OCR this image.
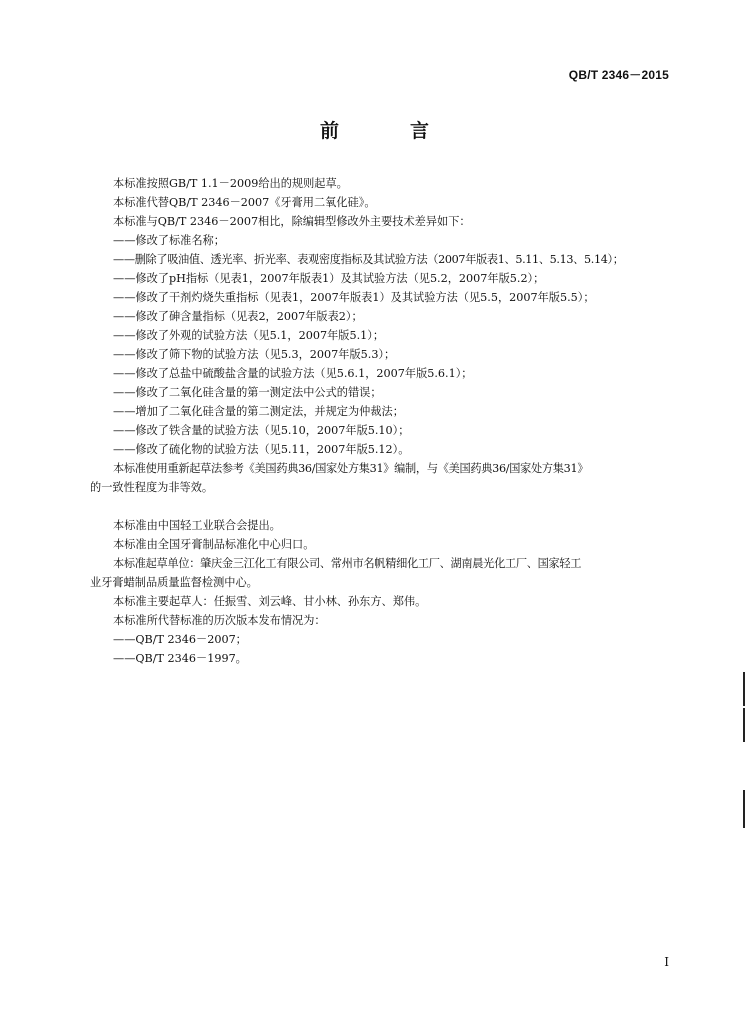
QB/T 2346－2015
前　言
本标准按照GB/T 1.1－2009给出的规则起草。
本标准代替QB/T 2346－2007《牙膏用二氧化硅》。
本标准与QB/T 2346－2007相比，除编辑型修改外主要技术差异如下：
——修改了标准名称；
——删除了吸油值、透光率、折光率、表观密度指标及其试验方法（2007年版表1、5.11、5.13、5.14）；
——修改了pH指标（见表1，2007年版表1）及其试验方法（见5.2，2007年版5.2）；
——修改了干剂灼烧失重指标（见表1，2007年版表1）及其试验方法（见5.5，2007年版5.5）；
——修改了砷含量指标（见表2，2007年版表2）；
——修改了外观的试验方法（见5.1，2007年版5.1）；
——修改了筛下物的试验方法（见5.3，2007年版5.3）；
——修改了总盐中硫酸盐含量的试验方法（见5.6.1，2007年版5.6.1）；
——修改了二氧化硅含量的第一测定法中公式的错误；
——增加了二氧化硅含量的第二测定法，并规定为仲裁法；
——修改了铁含量的试验方法（见5.10，2007年版5.10）；
——修改了硫化物的试验方法（见5.11，2007年版5.12）。
本标准使用重新起草法参考《美国药典36/国家处方集31》编制，与《美国药典36/国家处方集31》
的一致性程度为非等效。
本标准由中国轻工业联合会提出。
本标准由全国牙膏制品标准化中心归口。
本标准起草单位：肇庆金三江化工有限公司、常州市名帆精细化工厂、湖南晨光化工厂、国家轻工
业牙膏蜡制品质量监督检测中心。
本标准主要起草人：任振雪、刘云峰、甘小林、孙东方、郑伟。
本标准所代替标准的历次版本发布情况为：
——QB/T 2346－2007；
——QB/T 2346－1997。
I
